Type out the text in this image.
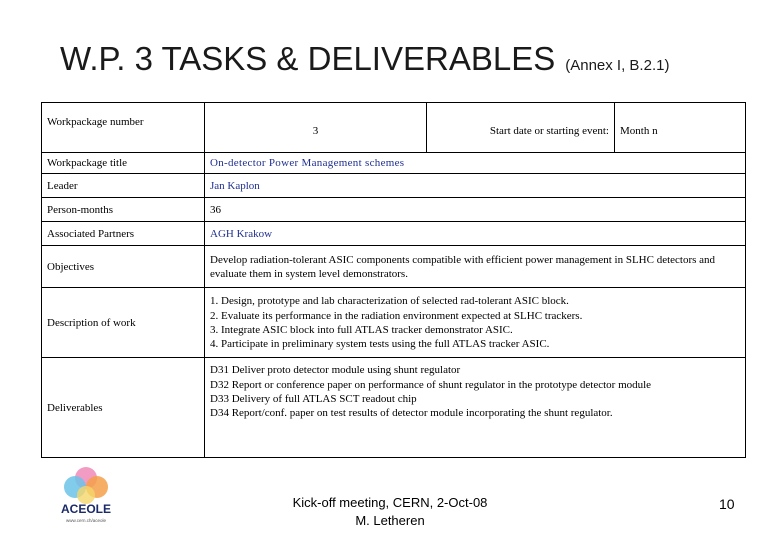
W.P. 3 TASKS & DELIVERABLES (Annex I, B.2.1)
Workpackage number	3	Start date or starting event:	Month n
Workpackage title	On-detector Power Management schemes		
Leader	Jan Kaplon		
Person-months	36		
Associated Partners	AGH Krakow		
Objectives	Develop radiation-tolerant ASIC components compatible with efficient power management in SLHC detectors and evaluate them in system level demonstrators.		
Description of work	1. Design, prototype and lab characterization of selected rad-tolerant ASIC block.
2. Evaluate its performance in the radiation environment expected at SLHC trackers.
3. Integrate ASIC block into full ATLAS tracker demonstrator ASIC.
4. Participate in preliminary system tests using the full ATLAS tracker ASIC.		

Deliverables	D31 Deliver proto detector module using shunt regulator
D32 Report or conference paper on performance of shunt regulator in the prototype detector module
D33 Delivery of full ATLAS SCT readout chip
D34 Report/conf. paper on test results of detector module incorporating the shunt regulator.		
ACEOLE
www.cern.ch/aceole
Kick-off meeting, CERN, 2-Oct-08
M. Letheren
10
